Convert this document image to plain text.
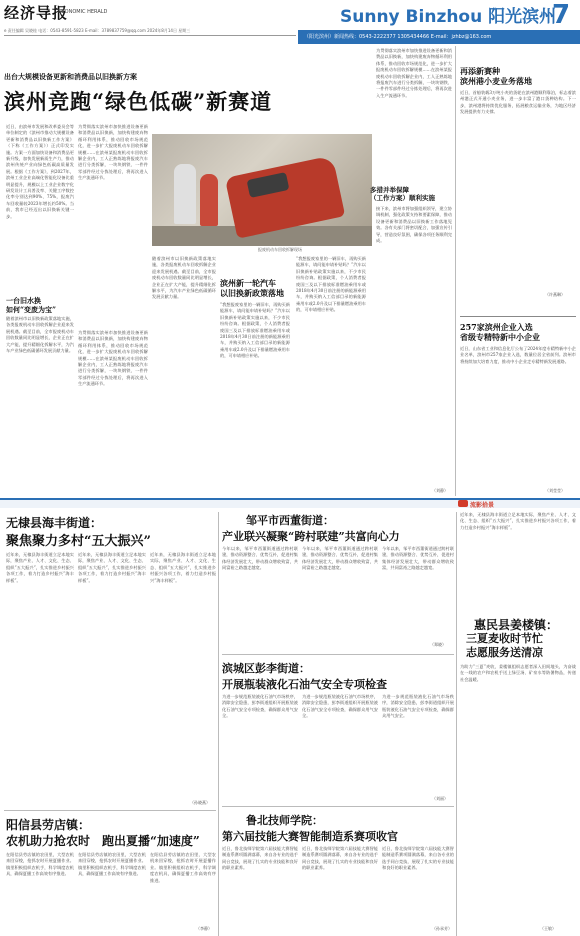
经济导报
ECONOMIC HERALD	Sunny Binzhou 阳光滨州
7
e 责任编辑 吴晓桂 电话：0543-8591-5823 E-mail：3789837759@qq.com 2024年8月14日 星期三
（阳光滨州）新闻热线：0543-2222377 1305434466 E-mail：jzhbz@163.com
出台大规模设备更新和消费品以旧换新方案
滨州竞跑“绿色低碳”新赛道
近日，由滨州市发展和改革委员会等单位制定的《滨州市推动大规模设备更新和消费品以旧换新工作方案》（下称《工作方案》）正式印发实施。方案一方面加快设备和消费品更新升级，加快发展新质生产力，推动滨州传统产业向绿色低碳高质量发展。根据《工作方案》，到2027年，滨州工业企业高端化智能化设备比重明显提升，规模以上工业企业数字化研发设计工具普及率、关键工序数控化率分别达到90%、75%，报废汽车回收量较2023年增长约50%。当前，我市已经迈出以旧换新关键一步。
为贯彻落实滨州市加快推进设备更新和消费品以旧换新，加快构建废弃物循环利用体系，推动回收市场规范化，进一步扩大报废机动车回收拆解规模……在滨州某报废机动车回收拆解企业内，工人正熟练地将报废汽车进行分类拆解，一块块钢铁、一件件零部件经过分拣处理后，将再次进入生产流通环节。
报废机动车回收拆解现场
一台旧水换
如何“变废为宝”
随着滨州市以旧换新政策落地实施，各类报废机动车回收拆解企业迎来发展机遇。截至目前，全市报废机动车回收数量同比明显增长，企业正在扩大产能，提升精细化拆解水平，为汽车产业绿色低碳循环发展贡献力量。
为贯彻落实滨州市加快推进设备更新和消费品以旧换新，加快构建废弃物循环利用体系，推动回收市场规范化，进一步扩大报废机动车回收拆解规模……在滨州某报废机动车回收拆解企业内，工人正熟练地将报废汽车进行分类拆解，一块块钢铁、一件件零部件经过分拣处理后，将再次进入生产流通环节。
随着滨州市以旧换新政策落地实施，各类报废机动车回收拆解企业迎来发展机遇。截至目前，全市报废机动车回收数量同比明显增长，企业正在扩大产能，提升精细化拆解水平，为汽车产业绿色低碳循环发展贡献力量。
滨州新一轮汽车
以旧换新政策落地
“我想报废家里的一辆旧车，再购买新能源车，请问能申请补贴吗？”汽车以旧换新补贴政策实施以来，不少市民纷纷咨询。根据政策，个人消费者报废国三及以下排放标准燃油乘用车或2018年4月30日前注册的新能源乘用车，并购买纳入工信部目录的新能源乘用车或2.0升及以下排量燃油乘用车的，可申请相应补贴。
“我想报废家里的一辆旧车，再购买新能源车，请问能申请补贴吗？”汽车以旧换新补贴政策实施以来，不少市民纷纷咨询。根据政策，个人消费者报废国三及以下排放标准燃油乘用车或2018年4月30日前注册的新能源乘用车，并购买纳入工信部目录的新能源乘用车或2.0升及以下排量燃油乘用车的，可申请相应补贴。
为贯彻落实滨州市加快推进设备更新和消费品以旧换新，加快构建废弃物循环利用体系，推动回收市场规范化，进一步扩大报废机动车回收拆解规模……在滨州某报废机动车回收拆解企业内，工人正熟练地将报废汽车进行分类拆解，一块块钢铁、一件件零部件经过分拣处理后，将再次进入生产流通环节。
多措并举保障
（工作方案）顺利实施
接下来，滨州市将加强组织领导，建立协调机制，强化政策支持和要素保障，推动设备更新和消费品以旧换新工作落地见效。各有关部门将密切配合，加强宣传引导，营造良好氛围，确保各项任务顺利完成。
（刘静）
再添新赛种
滨州港小麦业务落地
近日，首船装载3万吨小麦的货轮在滨州港顺利靠泊，标志着滨州港正式开通小麦业务，进一步丰富了港口货种结构。下一步，滨州港将持续优化服务，拓展粮食运输业务，为地区经济发展提供有力支撑。
（许燕琳）
257家滨州企业入选
省级专精特新中小企业
近日，山东省工业和信息化厅公布了2024年度专精特新中小企业名单，滨州市257家企业入选，数量位居全省前列。滨州市将持续加大培育力度，推动中小企业走专精特新发展道路。
（刘莹莹）
流影拾景
无棣县海丰街道：
聚焦聚力多村“五大振兴”
近年来，无棣县海丰街道立足本地实际，聚焦产业、人才、文化、生态、组织“五大振兴”，扎实推进乡村振兴各项工作，着力打造乡村振兴“海丰样板”。
近年来，无棣县海丰街道立足本地实际，聚焦产业、人才、文化、生态、组织“五大振兴”，扎实推进乡村振兴各项工作，着力打造乡村振兴“海丰样板”。
近年来，无棣县海丰街道立足本地实际，聚焦产业、人才、文化、生态、组织“五大振兴”，扎实推进乡村振兴各项工作，着力打造乡村振兴“海丰样板”。
（孙晓燕）
邹平市西董街道：
产业联兴凝聚“跨村联建”共富向心力
今年以来，邹平市西董街道通过跨村联建，推动资源整合、优势互补，促进村集体经济发展壮大，带动群众增收致富，共同富裕之路越走越宽。
今年以来，邹平市西董街道通过跨村联建，推动资源整合、优势互补，促进村集体经济发展壮大，带动群众增收致富，共同富裕之路越走越宽。
今年以来，邹平市西董街道通过跨村联建，推动资源整合、优势互补，促进村集体经济发展壮大，带动群众增收致富，共同富裕之路越走越宽。
（郑晓）
滨城区彭李街道：
开展瓶装液化石油气安全专项检查
为进一步规范瓶装液化石油气市场秩序，消除安全隐患，彭李街道组织开展瓶装液化石油气安全专项检查，确保群众用气安全。
为进一步规范瓶装液化石油气市场秩序，消除安全隐患，彭李街道组织开展瓶装液化石油气安全专项检查，确保群众用气安全。
为进一步规范瓶装液化石油气市场秩序，消除安全隐患，彭李街道组织开展瓶装液化石油气安全专项检查，确保群众用气安全。
（刘丽）
鲁北技师学院：
第六届技能大赛智能制造系赛项收官
近日，鲁北技师学院第六届技能大赛智能制造系赛项圆满落幕，来自各专业的选手同台竞技，展现了扎实的专业技能和良好的职业素养。
近日，鲁北技师学院第六届技能大赛智能制造系赛项圆满落幕，来自各专业的选手同台竞技，展现了扎实的专业技能和良好的职业素养。
近日，鲁北技师学院第六届技能大赛智能制造系赛项圆满落幕，来自各专业的选手同台竞技，展现了扎实的专业技能和良好的职业素养。
（孙承芳）
阳信县劳店镇：
农机助力抢农时　跑出夏播“加速度”
在阳信县劳店镇的农田里，大型农机来回穿梭，抢抓农时开展夏播作业。镇里积极组织农机手，科学调度农机具，确保夏播工作高效有序推进。
在阳信县劳店镇的农田里，大型农机来回穿梭，抢抓农时开展夏播作业。镇里积极组织农机手，科学调度农机具，确保夏播工作高效有序推进。
在阳信县劳店镇的农田里，大型农机来回穿梭，抢抓农时开展夏播作业。镇里积极组织农机手，科学调度农机具，确保夏播工作高效有序推进。
（李静）
近年来，无棣县海丰街道立足本地实际，聚焦产业、人才、文化、生态、组织“五大振兴”，扎实推进乡村振兴各项工作，着力打造乡村振兴“海丰样板”。
惠民县姜楼镇：
三夏麦收时节忙
志愿服务送清凉
为助力“三夏”麦收，姜楼镇组织志愿者深入田间地头，为奋战在一线的农户和农机手送上绿豆汤、矿泉水等防暑物品，传递社会温暖。
（王敏）
